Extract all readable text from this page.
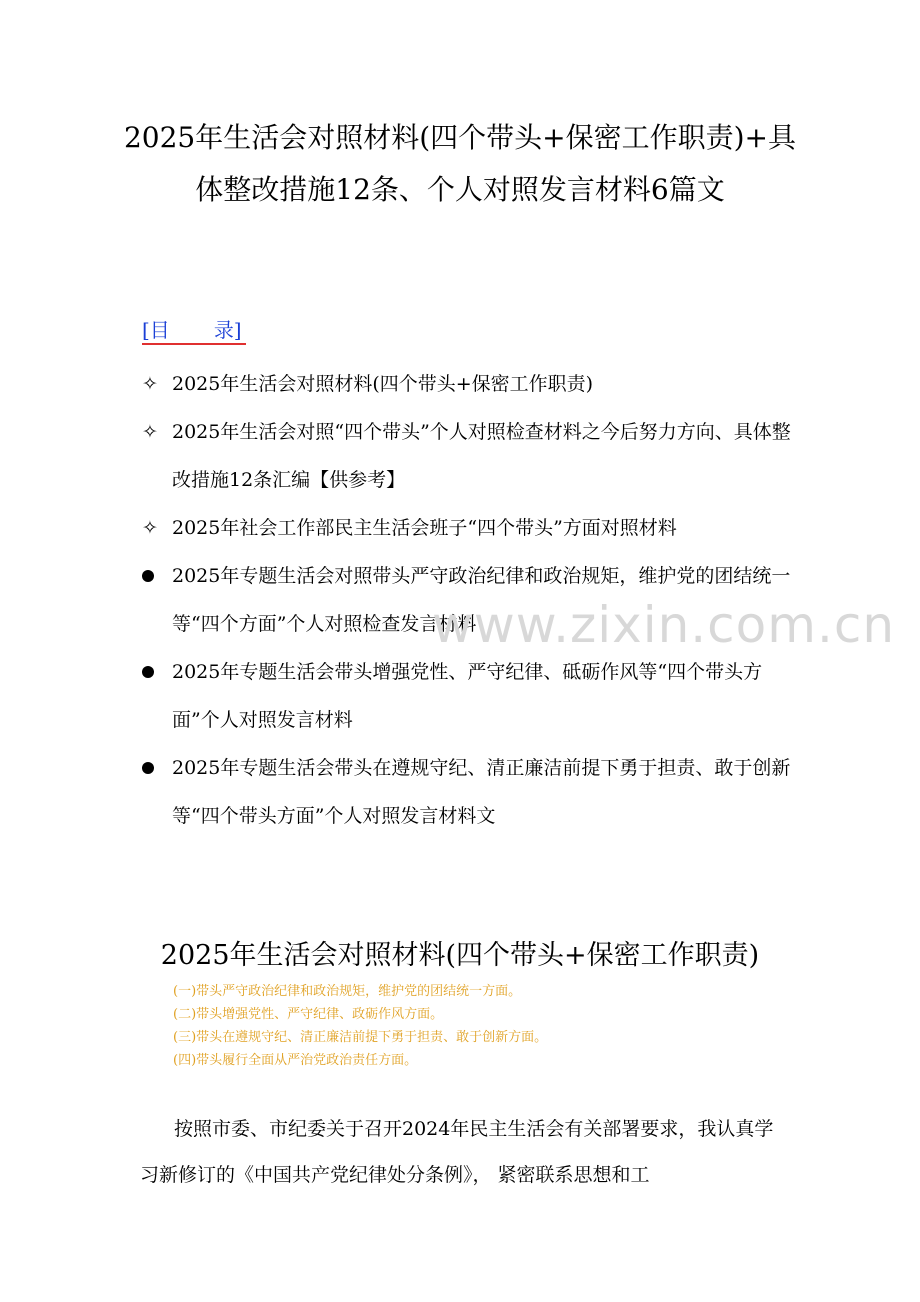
2025年生活会对照材料(四个带头+保密工作职责)+具体整改措施12条、个人对照发言材料6篇文
[目 录]
✧ 2025年生活会对照材料(四个带头+保密工作职责)
✧ 2025年生活会对照“四个带头”个人对照检查材料之今后努力方向、具体整改措施12条汇编【供参考】
✧ 2025年社会工作部民主生活会班子“四个带头”方面对照材料
2025年专题生活会对照带头严守政治纪律和政治规矩，维护党的团结统一等“四个方面”个人对照检查发言材料
2025年专题生活会带头增强党性、严守纪律、砥砺作风等“四个带头方面”个人对照发言材料
2025年专题生活会带头在遵规守纪、清正廉洁前提下勇于担责、敢于创新等“四个带头方面”个人对照发言材料文
www.zixin.com.cn
2025年生活会对照材料(四个带头+保密工作职责)
(一)带头严守政治纪律和政治规矩，维护党的团结统一方面。
(二)带头增强党性、严守纪律、政砺作风方面。
(三)带头在遵规守纪、清正廉洁前提下勇于担责、敢于创新方面。
(四)带头履行全面从严治党政治责任方面。

按照市委、市纪委关于召开2024年民主生活会有关部署要求，我认真学习新修订的《中国共产党纪律处分条例》， 紧密联系思想和工
